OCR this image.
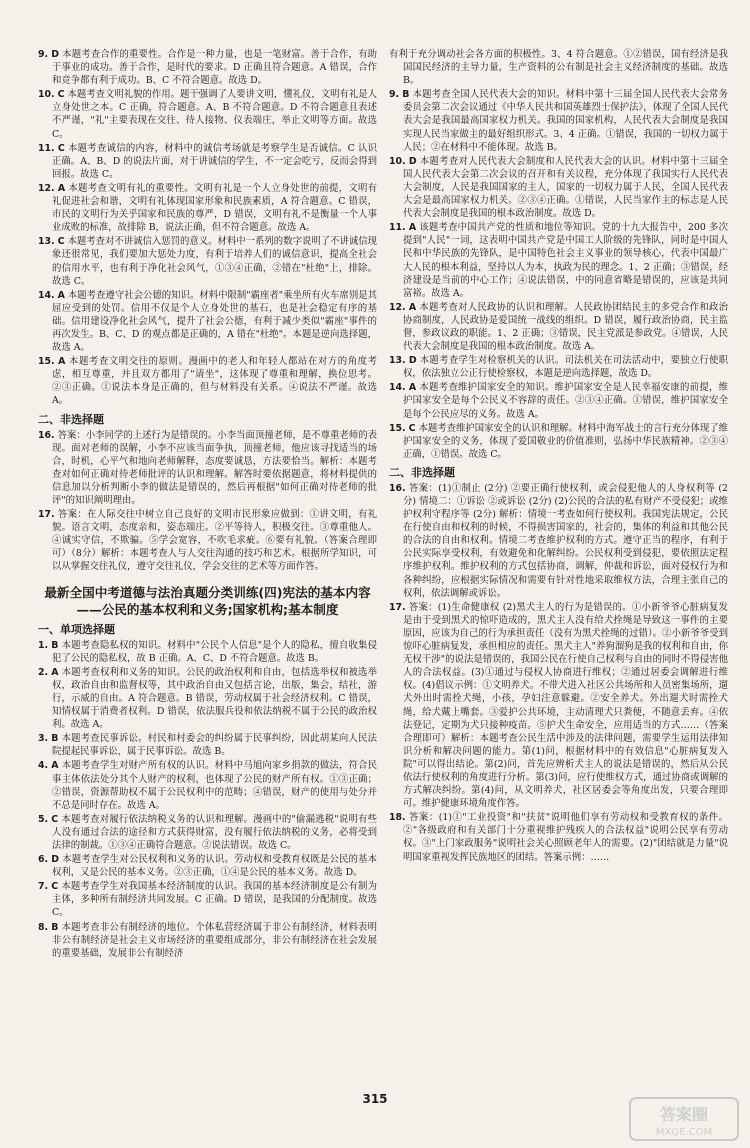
9. D 本题考查合作的重要性。合作是一种力量，也是一笔财富。善于合作，有助于事业的成功。善于合作，是时代的要求。D 正确且符合题意。A 错误，合作和竞争都有利于成功。B、C 不符合题意。故选 D。
10. C 本题考查文明礼貌的作用。题干强调了人要讲文明，懂礼仪，文明有礼是人立身处世之本。C 正确，符合题意。A、B 不符合题意。D 不符合题意且表述不严谨，"礼"主要表现在交往、待人接物、仪表端庄，举止文明等方面。故选 C。
11. C 本题考查诚信的内容，材料中的诚信考场就是考察学生是否诚信。C 认识正确。A、B、D 的说法片面，对于讲诚信的学生，不一定会吃亏，反而会得到回报。故选 C。
12. A 本题考查文明有礼的重要性。文明有礼是一个人立身处世的前提，文明有礼促进社会和谐，文明有礼体现国家形象和民族素质，A 符合题意。C 错误，市民的文明行为关乎国家和民族的尊严，D 错误，文明有礼不是衡量一个人事业成败的标准，故排除 B，说法正确，但不符合题意。故选 A。
13. C 本题考查对不讲诚信入惩罚的意义。材料中一系列的数字说明了不讲诚信现象还很常见，我们要加大惩处力度，有利于培养人们的诚信意识，提高全社会的信用水平，也有利于净化社会风气，①③④正确，②错在"杜绝"上，排除。故选 C。
14. A 本题考查遵守社会公德的知识。材料中限制"霸座者"乘坐所有火车席别是其屈应受到的处罚。信用不仅是个人立身处世的基石，也是社会稳定有序的基础。信用建设净化社会风气，提升了社会公德，有利于减少类似"霸座"事件的再次发生。B、C、D 的观点都是正确的，A 错在"杜绝"。本题是逆向选择题，故选 A。
15. A 本题考查文明交往的原则。漫画中的老人和年轻人都站在对方的角度考虑，相互尊重，并且双方都用了"请坐"，这体现了尊重和理解，换位思考。②③正确。①说法本身是正确的，但与材料没有关系。④说法不严谨。故选 A。
二、非选择题
16. 答案：小李同学的上述行为是错误的。小李当面顶撞老师，是不尊重老师的表现。面对老师的误解，小李不应该当面争执，顶撞老师，他应该寻找适当的场合，时机，心平气和地向老师解释，态度要诚恳，方法要恰当。解析：本题考查对如何正确对待老师批评的认识和理解。解答时要依据题意，将材料提供的信息加以分析判断小李的做法是错误的，然后再根据"如何正确对待老师的批评"的知识阐明理由。
17. 答案：在人际交往中树立自己良好的文明市民形象应做到：①讲文明，有礼貌。语言文明，态度亲和，姿态端庄。②平等待人，积极交往。③尊重他人。④诚实守信，不欺骗。⑤学会宽容，不吹毛求疵。⑥要有礼貌。（答案合理即可）（8分）解析：本题考查人与人交往沟通的技巧和艺术。根据所学知识，可以从掌握交往礼仪，遵守交往礼仪，学会交往的艺术等方面作答。
最新全国中考道德与法治真题分类训练(四)宪法的基本内容——公民的基本权利和义务;国家机构;基本制度
一、单项选择题
1. B 本题考查隐私权的知识。材料中"公民个人信息"是个人的隐私，擅自收集侵犯了公民的隐私权，故 B 正确。A、C、D 不符合题意。故选 B。
2. A 本题考查权利和义务的知识。公民的政治权利和自由，包括选举权和被选举权，政治自由和监督权等，其中政治自由又包括言论，出版，集会，结社，游行，示威的自由。A 符合题意。B 错误，劳动权属于社会经济权利。C 错误，知情权属于消费者权利。D 错误，依法服兵役和依法纳税不属于公民的政治权利。故选 A。
3. B 本题考查民事诉讼。村民和村委会的纠纷属于民事纠纷，因此胡某向人民法院提起民事诉讼，属于民事诉讼。故选 B。
4. A 本题考查学生对财产所有权的认识。材料中马旭向家乡捐款的做法，符合民事主体依法处分其个人财产的权利，也体现了公民的财产所有权。①③正确；②错误，资源帮助权不属于公民权利中的范畴；④错误，财产的使用与处分并不总是同时存在。故选 A。
5. C 本题考查对履行依法纳税义务的认识和理解。漫画中的"偷漏逃税"说明有些人没有通过合法的途径和方式获得财富，没有履行依法纳税的义务，必将受到法律的制裁。①③④正确符合题意。②说法错误。故选 C。
6. D 本题考查学生对公民权利和义务的认识。劳动权和受教育权既是公民的基本权利，又是公民的基本义务。②③正确，①④是公民的基本义务。故选 D。
7. C 本题考查学生对我国基本经济制度的认识。我国的基本经济制度是公有制为主体，多种所有制经济共同发展。C 正确。D 错误，是我国的分配制度。故选 C。
8. B 本题考查非公有制经济的地位。个体私营经济属于非公有制经济，材料表明非公有制经济是社会主义市场经济的重要组成部分，非公有制经济在社会发展的重要基础，发展非公有制经济
有利于充分调动社会各方面的积极性。3、4 符合题意。①②错误，国有经济是我国国民经济的主导力量，生产资料的公有制是社会主义经济制度的基础。故选 B。
9. B 本题考查全国人民代表大会的知识。材料中第十三届全国人民代表大会常务委员会第二次会议通过《中华人民共和国英雄烈士保护法》，体现了全国人民代表大会是我国最高国家权力机关。我国的国家机构，人民代表大会制度是我国实现人民当家做主的最好组织形式。3、4 正确。①错误，我国的一切权力属于人民；②在材料中不能体现。故选 B。
10. D 本题考查对人民代表大会制度和人民代表大会的认识。材料中第十三届全国人民代表大会第二次会议的召开和有关议程，充分体现了我国实行人民代表大会制度，人民是我国国家的主人，国家的一切权力属于人民，全国人民代表大会是最高国家权力机关。②③④正确。①错误，人民当家作主的标志是人民代表大会制度是我国的根本政治制度。故选 D。
11. A 该题考查中国共产党的性质和地位等知识。党的十九大报告中，200 多次提到"人民"一词，这表明中国共产党是中国工人阶级的先锋队，同时是中国人民和中华民族的先锋队，是中国特色社会主义事业的领导核心，代表中国最广大人民的根本利益，坚持以人为本，执政为民的理念。1、2 正确；③错误，经济建设是当前的中心工作；④说法错误，中的同意省略是错误的，应该是共同富裕。故选 A。
12. A 本题考查对人民政协的认识和理解。人民政协团结民主的多党合作和政治协商制度，人民政协是爱国统一战线的组织。D 错误，履行政治协商，民主监督，参政议政的职能。1、2 正确；③错误，民主党派是参政党。④错误，人民代表大会制度是我国的根本政治制度。故选 A。
13. D 本题考查学生对检察机关的认识。司法机关在司法活动中，要独立行使职权，依法独立公正行使检察权，本题是逆向选择题，故选 D。
14. A 本题考查维护国家安全的知识。维护国家安全是人民幸福安康的前提，维护国家安全是每个公民义不容辞的责任。②③④正确。①错误，维护国家安全是每个公民应尽的义务。故选 A。
15. C 本题考查维护国家安全的认识和理解。材料中海军战士的言行充分体现了维护国家安全的义务，体现了爱国敬业的价值准则，弘扬中华民族精神。②③④正确，①错误。故选 C。
二、非选择题
16. 答案：(1)①制止 (2分) ②要正确行使权利，或会侵犯他人的人身权利等 (2分) 情境二：①诉讼 ②或诉讼 (2分) (2)公民的合法的私有财产不受侵犯；或维护权利守程序等 (2分) 解析：情境一考查如何行使权利。我国宪法规定，公民在行使自由和权利的时候，不得损害国家的，社会的，集体的利益和其他公民的合法的自由和权利。情境二考查维护权利的方式。遵守正当的程序，有利于公民实际享受权利，有效避免和化解纠纷。公民权利受到侵犯，要依照法定程序维护权利。维护权利的方式包括协商，调解，仲裁和诉讼，面对侵权行为和各种纠纷，应根据实际情况和需要有针对性地采取维权方法，合理主张自己的权利，依法调解或诉讼。
17. 答案：(1)生命健康权 (2)黑犬主人的行为是错误的。①小新爷爷心脏病复发是由于受到黑犬的惊吓造成的，黑犬主人没有给犬拴绳是导致这一事件的主要原因，应该为自己的行为承担责任（没有为黑犬拴绳的过错）。②小新爷爷受到惊吓心脏病复发，承担相应的责任。黑犬主人"养狗溜狗是我的权利和自由，你无权干涉"的说法是错误的，我国公民在行使自己权利与自由的同时不得侵害他人的合法权益。(3)①通过与侵权人协商进行维权；②通过居委会调解进行维权。(4)倡议示例：①文明养犬。不带犬进入社区公共场所和人员密集场所，遛犬外出时需拴犬绳，小孩，孕妇注意躲避。②安全养犬。外出遛犬时需拴犬绳，给犬戴上嘴套。③爱护公共环境，主动清理犬只粪便，不随意丢弃。④依法登记，定期为犬只接种疫苗。⑤护犬生命安全，应用适当的方式……（答案合理即可）解析：本题考查公民生活中涉及的法律问题，需要学生运用法律知识分析和解决问题的能力。第(1)问，根据材料中的有效信息"心脏病复发入院"可以得出结论。第(2)问，首先应辨析犬主人的说法是错误的，然后从公民依法行使权利的角度进行分析。第(3)问，应行使维权方式，通过协商或调解的方式解决纠纷。第(4)问，从文明养犬，社区居委会等角度出发，只要合理即可。维护健康环境角度作答。
18. 答案：(1)①"工业投资"和"扶贫"说明他们享有劳动权和受教育权的条件。②"各级政府和有关部门十分重视维护残疾人的合法权益"说明公民享有劳动权。③"上门家政服务"说明社会关心照顾老年人的需要。(2)"团结就是力量"说明国家重视发挥民族地区的团结。答案示例：……
315
答案圈
MXQE.COM
